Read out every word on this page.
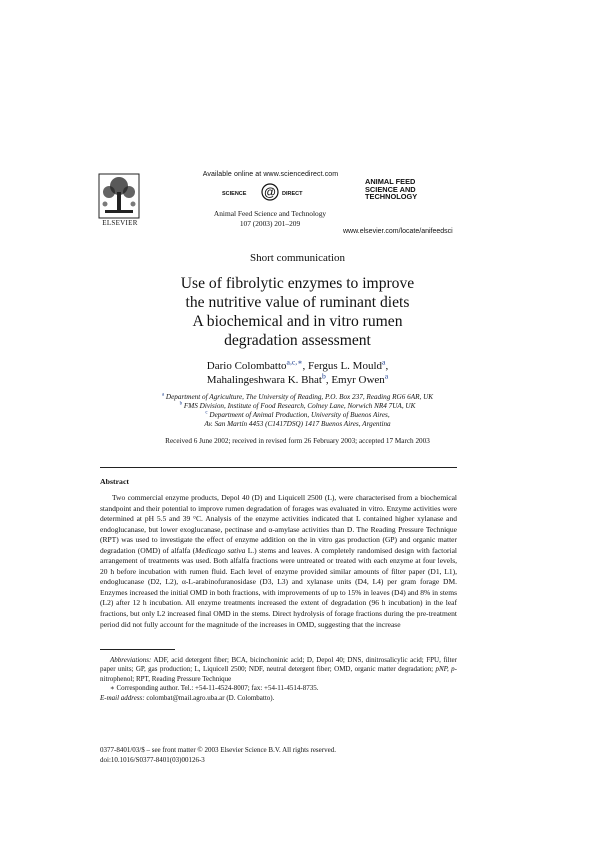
ELSEVIER
Available online at www.sciencedirect.com
SCIENCE @ DIRECT
Animal Feed Science and Technology
107 (2003) 201–209
ANIMAL FEED
SCIENCE AND
TECHNOLOGY
www.elsevier.com/locate/anifeedsci
Short communication
Use of fibrolytic enzymes to improve
the nutritive value of ruminant diets
A biochemical and in vitro rumen
degradation assessment
Dario Colombatto$^{a,c,∗}$, Fergus L. Mould$^a$,
Mahalingeshwara K. Bhat$^b$, Emyr Owen$^a$
$^a$ Department of Agriculture, The University of Reading, P.O. Box 237, Reading RG6 6AR, UK
$^b$ FMS Division, Institute of Food Research, Colney Lane, Norwich NR4 7UA, UK
$^c$ Department of Animal Production, University of Buenos Aires,
Av. San Martín 4453 (C1417DSQ) 1417 Buenos Aires, Argentina
Received 6 June 2002; received in revised form 26 February 2003; accepted 17 March 2003
Abstract

Two commercial enzyme products, Depol 40 (D) and Liquicell 2500 (L), were characterised from a biochemical standpoint and their potential to improve rumen degradation of forages was evaluated in vitro. Enzyme activities were determined at pH 5.5 and 39 °C. Analysis of the enzyme activities indicated that L contained higher xylanase and endoglucanase, but lower exoglucanase, pectinase and α-amylase activities than D. The Reading Pressure Technique (RPT) was used to investigate the effect of enzyme addition on the in vitro gas production (GP) and organic matter degradation (OMD) of alfalfa (Medicago sativa L.) stems and leaves. A completely randomised design with factorial arrangement of treatments was used. Both alfalfa fractions were untreated or treated with each enzyme at four levels, 20 h before incubation with rumen fluid. Each level of enzyme provided similar amounts of filter paper (D1, L1), endoglucanase (D2, L2), α-L-arabinofuranosidase (D3, L3) and xylanase units (D4, L4) per gram forage DM. Enzymes increased the initial OMD in both fractions, with improvements of up to 15% in leaves (D4) and 8% in stems (L2) after 12 h incubation. All enzyme treatments increased the extent of degradation (96 h incubation) in the leaf fractions, but only L2 increased final OMD in the stems. Direct hydrolysis of forage fractions during the pre-treatment period did not fully account for the magnitude of the increases in OMD, suggesting that the increase

Abbreviations: ADF, acid detergent fiber; BCA, bicinchoninic acid; D, Depol 40; DNS, dinitrosalicylic acid; FPU, filter paper units; GP, gas production; L, Liquicell 2500; NDF, neutral detergent fiber; OMD, organic matter degradation; pNP, p-nitrophenol; RPT, Reading Pressure Technique

∗ Corresponding author. Tel.: +54-11-4524-8007; fax: +54-11-4514-8735.

E-mail address: colombat@mail.agro.uba.ar (D. Colombatto).

0377-8401/03/$ – see front matter © 2003 Elsevier Science B.V. All rights reserved.

doi:10.1016/S0377-8401(03)00126-3
